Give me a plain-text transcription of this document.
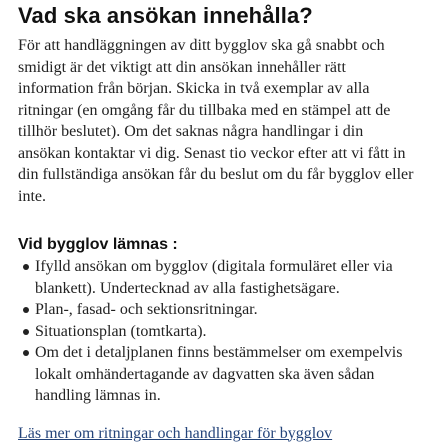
Vad ska ansökan innehålla?

För att handläggningen av ditt bygglov ska gå snabbt och smidigt är det viktigt att din ansökan innehåller rätt information från början. Skicka in två exemplar av alla ritningar (en omgång får du tillbaka med en stämpel att de tillhör beslutet). Om det saknas några handlingar i din ansökan kontaktar vi dig. Senast tio veckor efter att vi fått in din fullständiga ansökan får du beslut om du får bygglov eller inte.

Vid bygglov lämnas :
Ifylld ansökan om bygglov (digitala formuläret eller via blankett). Undertecknad av alla fastighetsägare.
Plan-, fasad- och sektionsritningar.
Situationsplan (tomtkarta).
Om det i detaljplanen finns bestämmelser om exempelvis lokalt omhändertagande av dagvatten ska även sådan handling lämnas in.
Läs mer om ritningar och handlingar för bygglov
